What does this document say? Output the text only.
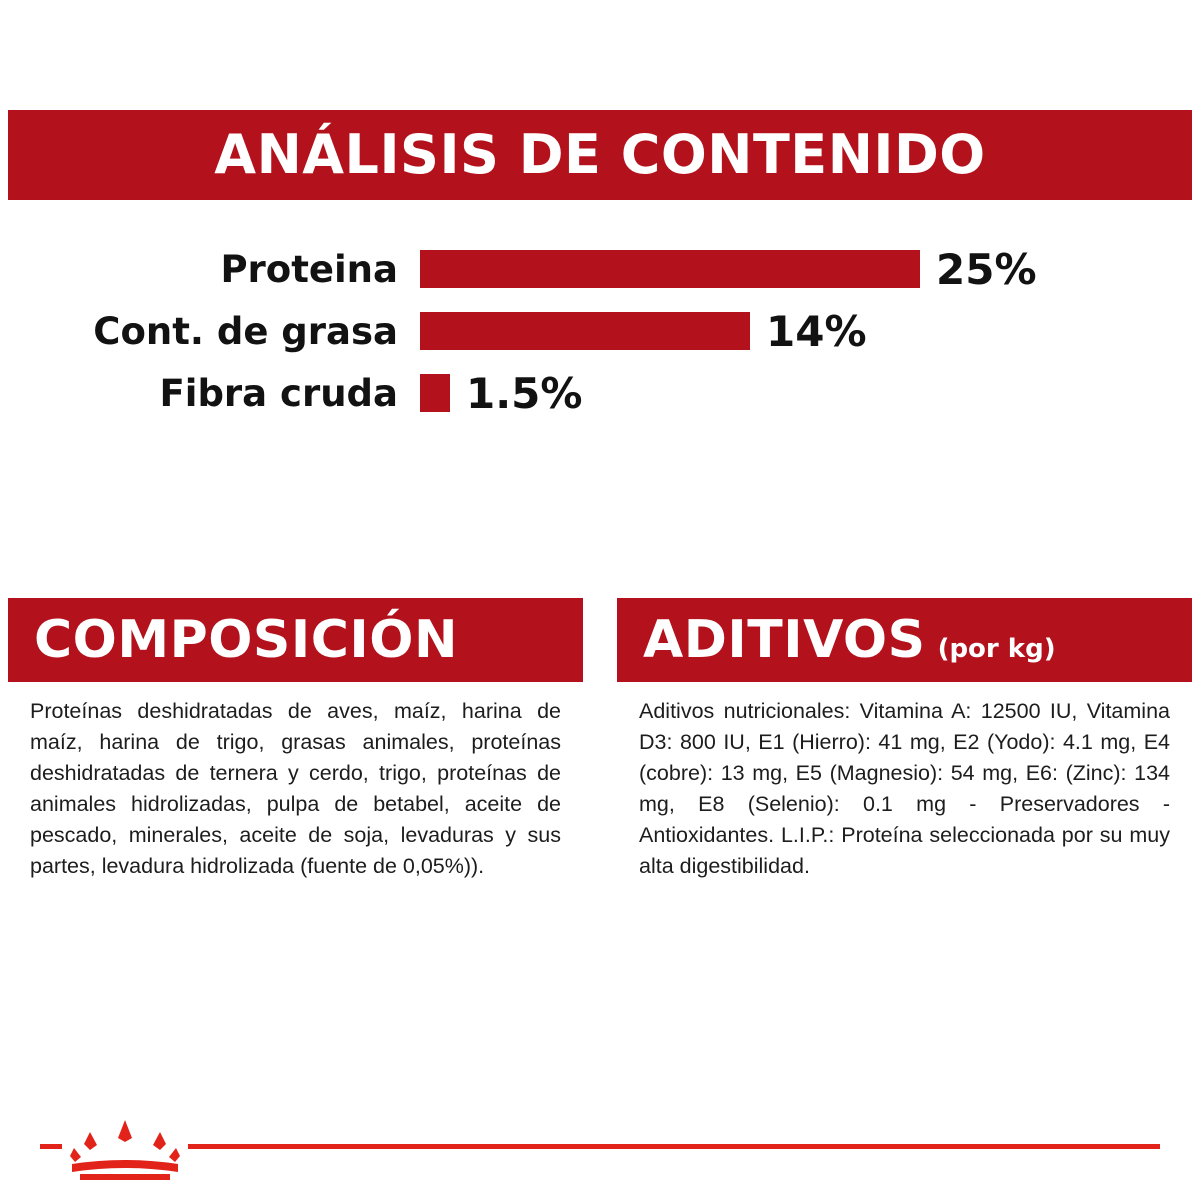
ANÁLISIS DE CONTENIDO
Proteina	25%
Cont. de grasa	14%
Fibra cruda	1.5%
COMPOSICIÓN
Proteínas deshidratadas de aves, maíz, harina de maíz, harina de trigo, grasas animales, proteínas deshidratadas de ternera y cerdo, trigo, proteínas de animales hidrolizadas, pulpa de betabel, aceite de pescado, minerales, aceite de soja, levaduras y sus partes, levadura hidrolizada (fuente de 0,05%)).
ADITIVOS (por kg)
Aditivos nutricionales: Vitamina A: 12500 IU, Vitamina D3: 800 IU, E1 (Hierro): 41 mg, E2 (Yodo): 4.1 mg, E4 (cobre): 13 mg, E5 (Magnesio): 54 mg, E6: (Zinc): 134 mg, E8 (Selenio): 0.1 mg - Preservadores - Antioxidantes. L.I.P.: Proteína seleccionada por su muy alta digestibilidad.
